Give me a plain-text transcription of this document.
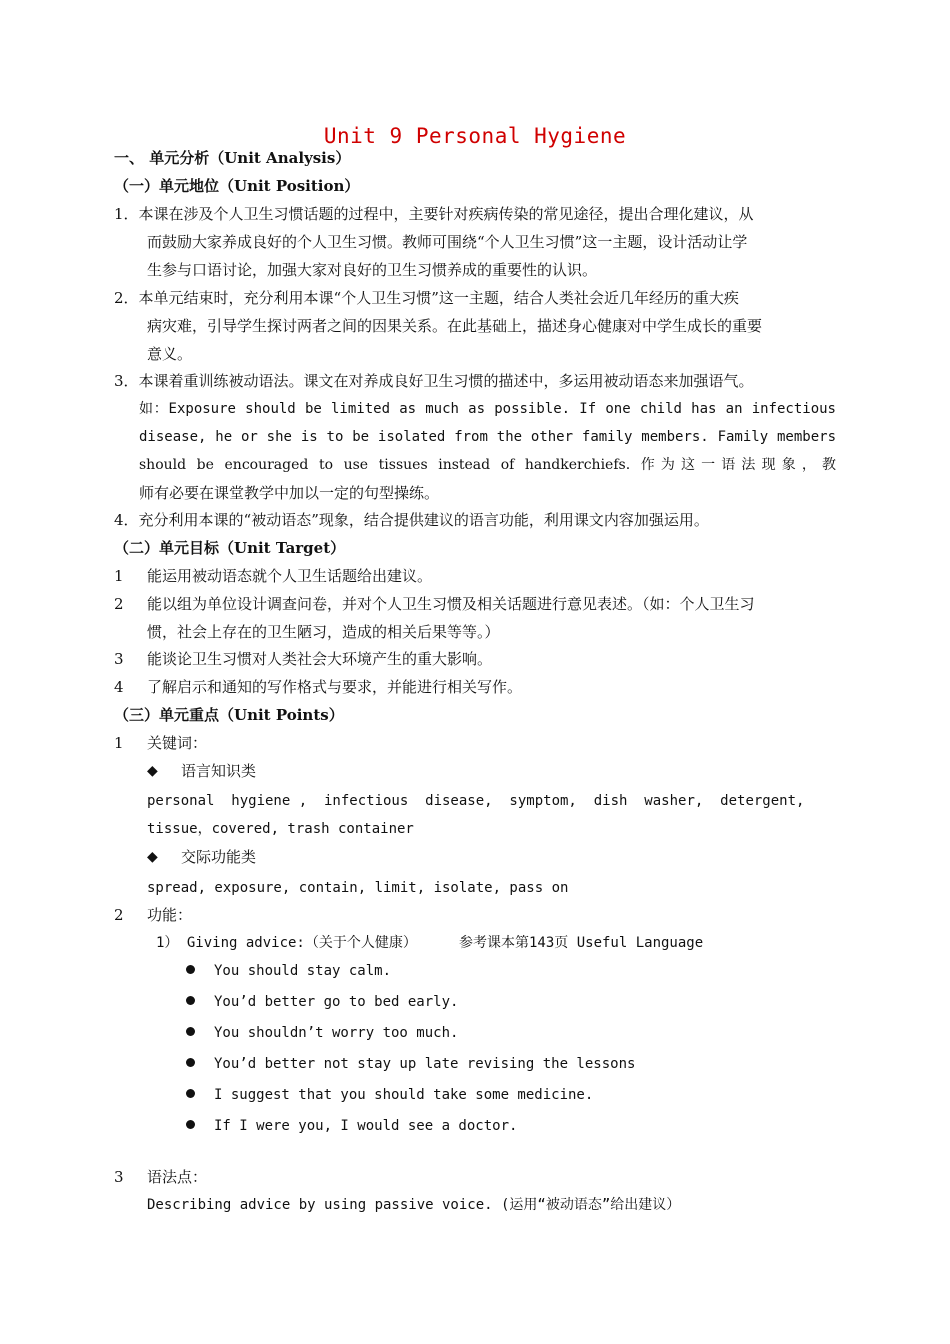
Unit 9 Personal Hygiene
一、 单元分析（Unit Analysis）
（一）单元地位（Unit Position）
1．本课在涉及个人卫生习惯话题的过程中，主要针对疾病传染的常见途径，提出合理化建议，从
而鼓励大家养成良好的个人卫生习惯。教师可围绕“个人卫生习惯”这一主题，设计活动让学
生参与口语讨论，加强大家对良好的卫生习惯养成的重要性的认识。
2．本单元结束时，充分利用本课“个人卫生习惯”这一主题，结合人类社会近几年经历的重大疾
病灾难，引导学生探讨两者之间的因果关系。在此基础上，描述身心健康对中学生成长的重要
意义。
3．本课着重训练被动语法。课文在对养成良好卫生习惯的描述中，多运用被动语态来加强语气。
如：Exposure should be limited as much as possible. If one child has an infectious
disease, he or she is to be isolated from the other family members. Family members
should be encouraged to use tissues instead of handkerchiefs. 作为这一语法现象，教
师有必要在课堂教学中加以一定的句型操练。
4．充分利用本课的“被动语态”现象，结合提供建议的语言功能，利用课文内容加强运用。
（二）单元目标（Unit Target）
1 能运用被动语态就个人卫生话题给出建议。
2 能以组为单位设计调查问卷，并对个人卫生习惯及相关话题进行意见表述。（如：个人卫生习
惯，社会上存在的卫生陋习，造成的相关后果等等。）
3 能谈论卫生习惯对人类社会大环境产生的重大影响。
4 了解启示和通知的写作格式与要求，并能进行相关写作。
（三）单元重点（Unit Points）
1 关键词：
◆ 语言知识类
personal  hygiene ,  infectious  disease,  symptom,  dish  washer,  detergent,
tissue，covered, trash container
◆ 交际功能类
spread, exposure, contain, limit, isolate, pass on
2 功能：
1） Giving advice:（关于个人健康）     参考课本第143页 Useful Language
You should stay calm.
You’d better go to bed early.
You shouldn’t worry too much.
You’d better not stay up late revising the lessons
I suggest that you should take some medicine.
If I were you, I would see a doctor.
3 语法点：
Describing advice by using passive voice. (运用“被动语态”给出建议）
